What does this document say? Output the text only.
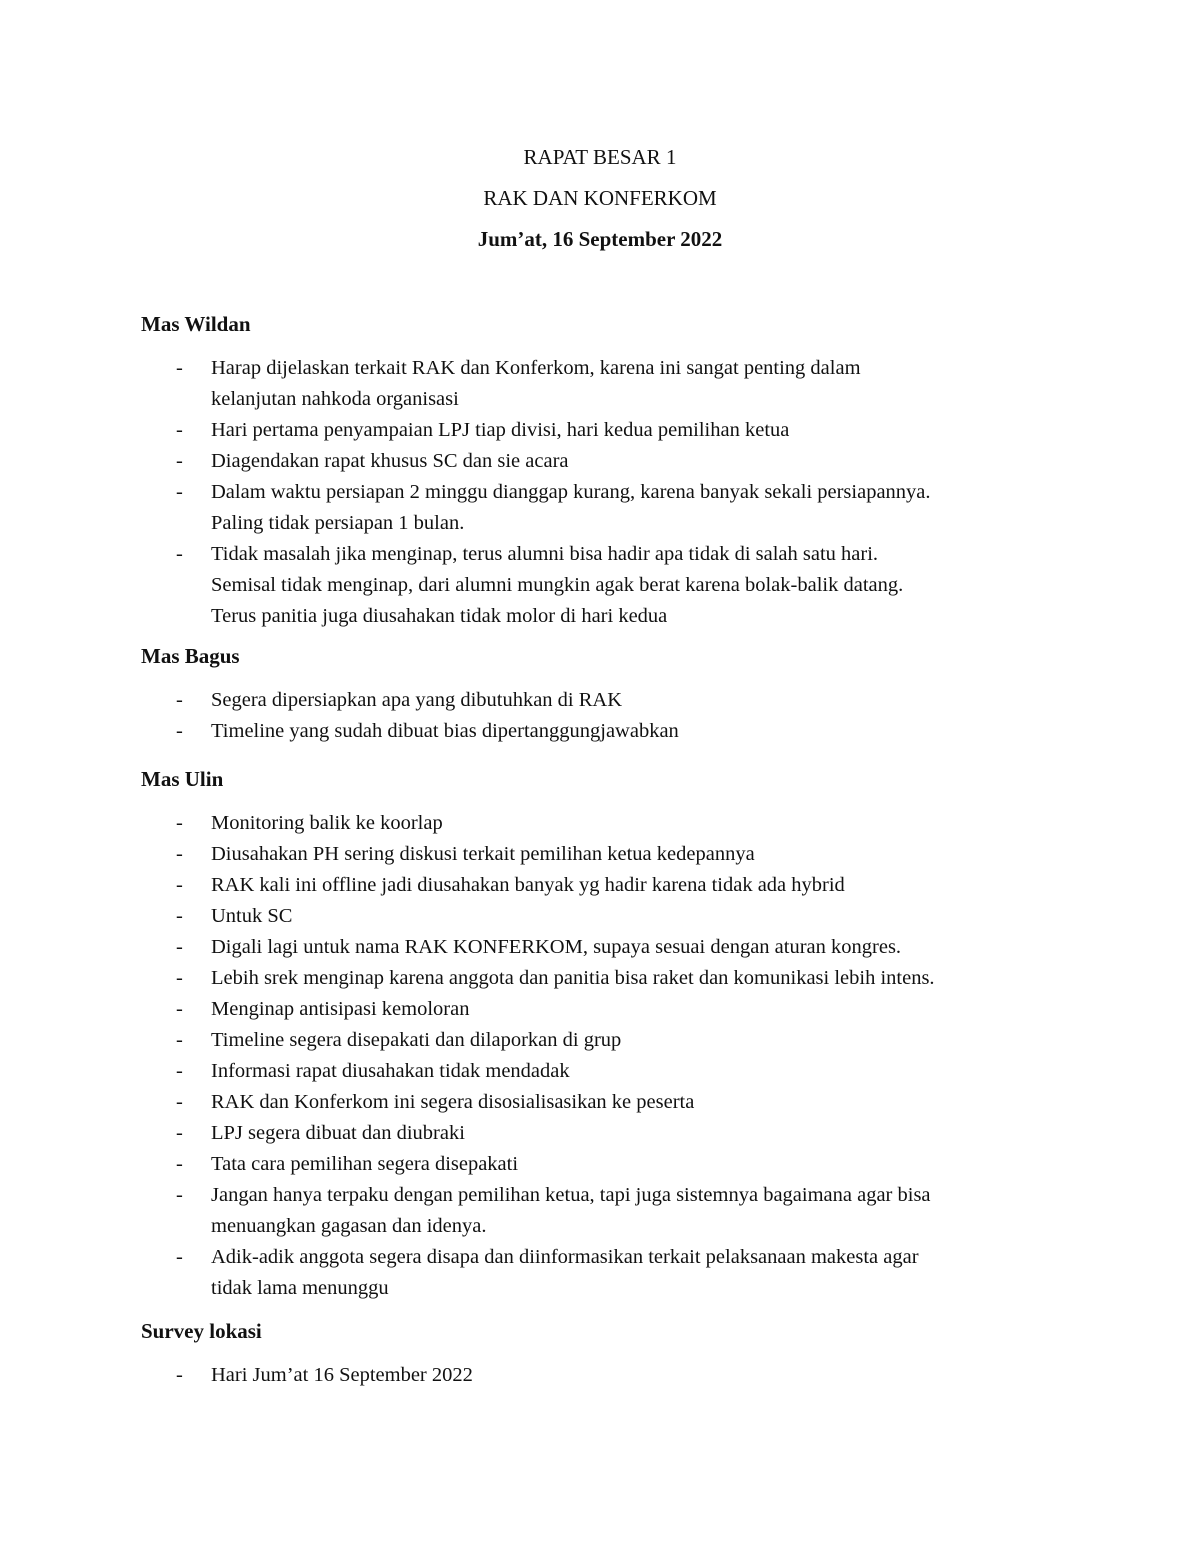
RAPAT BESAR 1
RAK DAN KONFERKOM
Jum’at, 16 September 2022
Mas Wildan
- Harap dijelaskan terkait RAK dan Konferkom, karena ini sangat penting dalam
kelanjutan nahkoda organisasi
- Hari pertama penyampaian LPJ tiap divisi, hari kedua pemilihan ketua
- Diagendakan rapat khusus SC dan sie acara
- Dalam waktu persiapan 2 minggu dianggap kurang, karena banyak sekali persiapannya.
Paling tidak persiapan 1 bulan.
- Tidak masalah jika menginap, terus alumni bisa hadir apa tidak di salah satu hari.
Semisal tidak menginap, dari alumni mungkin agak berat karena bolak-balik datang.
Terus panitia juga diusahakan tidak molor di hari kedua
Mas Bagus
- Segera dipersiapkan apa yang dibutuhkan di RAK
- Timeline yang sudah dibuat bias dipertanggungjawabkan
Mas Ulin
- Monitoring balik ke koorlap
- Diusahakan PH sering diskusi terkait pemilihan ketua kedepannya
- RAK kali ini offline jadi diusahakan banyak yg hadir karena tidak ada hybrid
- Untuk SC
- Digali lagi untuk nama RAK KONFERKOM, supaya sesuai dengan aturan kongres.
- Lebih srek menginap karena anggota dan panitia bisa raket dan komunikasi lebih intens.
- Menginap antisipasi kemoloran
- Timeline segera disepakati dan dilaporkan di grup
- Informasi rapat diusahakan tidak mendadak
- RAK dan Konferkom ini segera disosialisasikan ke peserta
- LPJ segera dibuat dan diubraki
- Tata cara pemilihan segera disepakati
- Jangan hanya terpaku dengan pemilihan ketua, tapi juga sistemnya bagaimana agar bisa
menuangkan gagasan dan idenya.
- Adik-adik anggota segera disapa dan diinformasikan terkait pelaksanaan makesta agar
tidak lama menunggu
Survey lokasi
- Hari Jum’at 16 September 2022
